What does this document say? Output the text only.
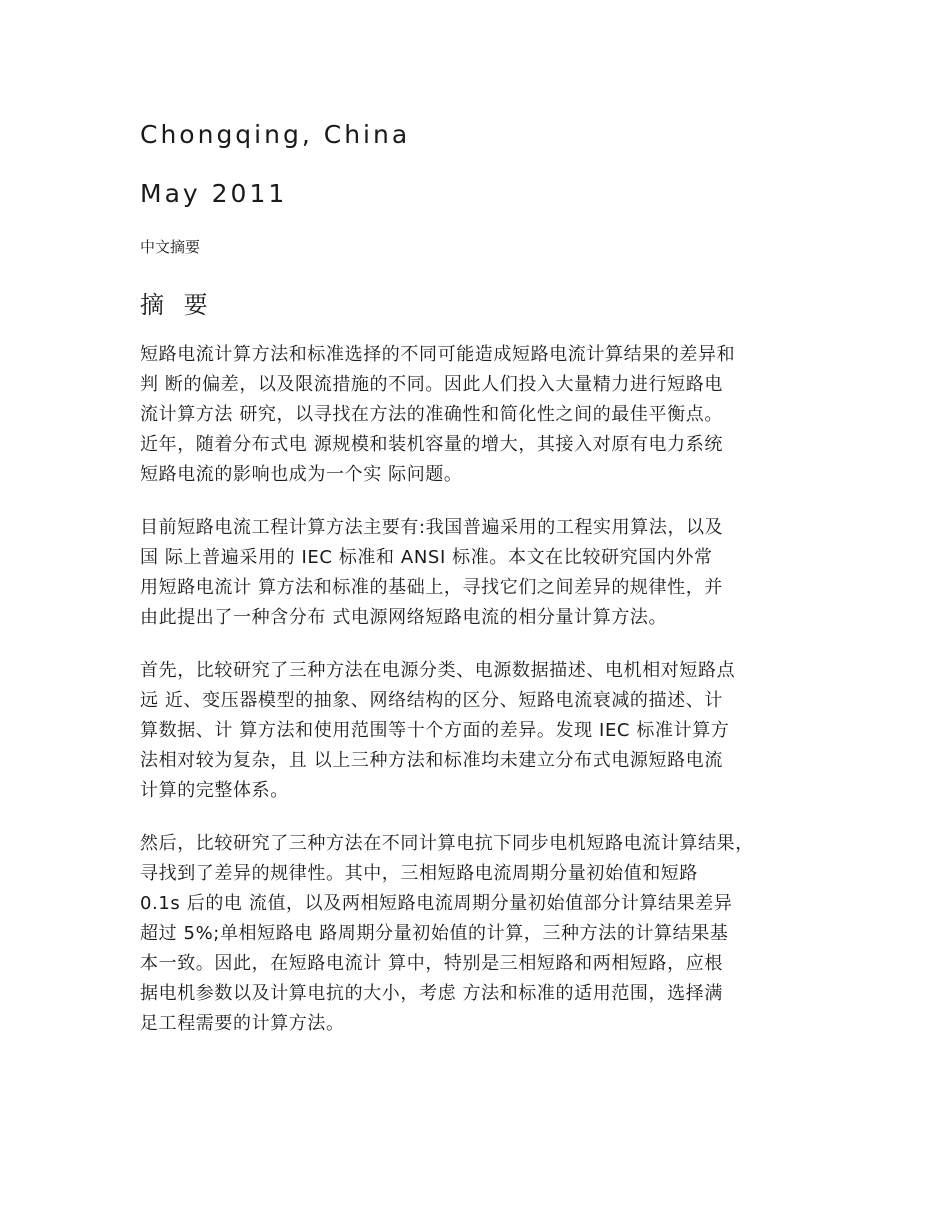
Chongqing, China
May 2011
中文摘要
摘 要
短路电流计算方法和标准选择的不同可能造成短路电流计算结果的差异和
判 断的偏差，以及限流措施的不同。因此人们投入大量精力进行短路电
流计算方法 研究，以寻找在方法的准确性和简化性之间的最佳平衡点。
近年，随着分布式电 源规模和装机容量的增大，其接入对原有电力系统
短路电流的影响也成为一个实 际问题。
目前短路电流工程计算方法主要有:我国普遍采用的工程实用算法，以及
国 际上普遍采用的 IEC 标准和 ANSI 标准。本文在比较研究国内外常
用短路电流计 算方法和标准的基础上，寻找它们之间差异的规律性，并
由此提出了一种含分布 式电源网络短路电流的相分量计算方法。
首先，比较研究了三种方法在电源分类、电源数据描述、电机相对短路点
远 近、变压器模型的抽象、网络结构的区分、短路电流衰减的描述、计
算数据、计 算方法和使用范围等十个方面的差异。发现 IEC 标准计算方
法相对较为复杂，且 以上三种方法和标准均未建立分布式电源短路电流
计算的完整体系。
然后，比较研究了三种方法在不同计算电抗下同步电机短路电流计算结果，
寻找到了差异的规律性。其中，三相短路电流周期分量初始值和短路
0.1s 后的电 流值，以及两相短路电流周期分量初始值部分计算结果差异
超过 5%;单相短路电 路周期分量初始值的计算，三种方法的计算结果基
本一致。因此，在短路电流计 算中，特别是三相短路和两相短路，应根
据电机参数以及计算电抗的大小，考虑 方法和标准的适用范围，选择满
足工程需要的计算方法。
